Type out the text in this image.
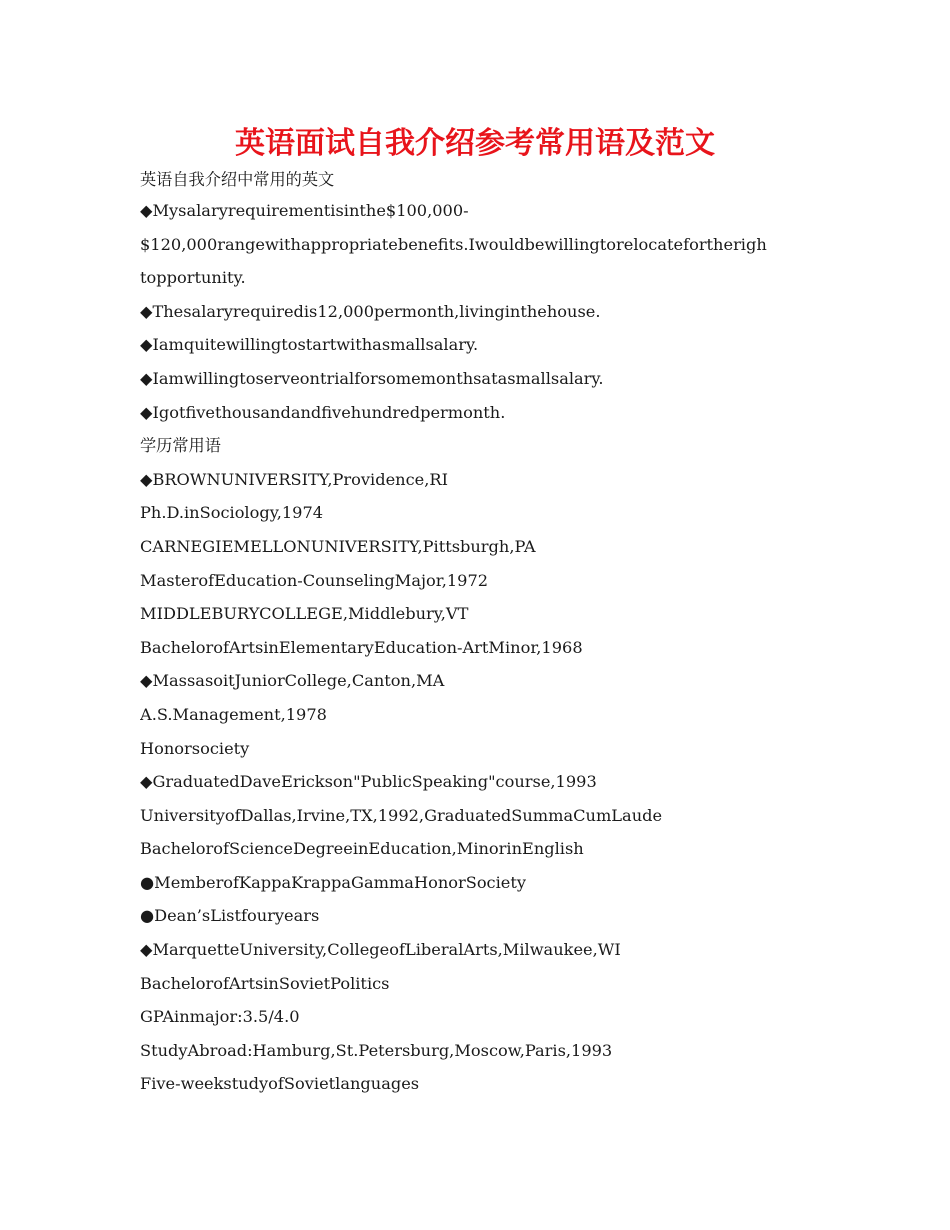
英语面试自我介绍参考常用语及范文
英语自我介绍中常用的英文
◆Mysalaryrequirementisinthe$100,000-
$120,000rangewithappropriatebenefits.Iwouldbewillingtorelocatefortherigh
topportunity.
◆Thesalaryrequiredis12,000permonth,livinginthehouse.
◆Iamquitewillingtostartwithasmallsalary.
◆Iamwillingtoserveontrialforsomemonthsatasmallsalary.
◆Igotfivethousandandfivehundredpermonth.
学历常用语
◆BROWNUNIVERSITY,Providence,RI
Ph.D.inSociology,1974
CARNEGIEMELLONUNIVERSITY,Pittsburgh,PA
MasterofEducation-CounselingMajor,1972
MIDDLEBURYCOLLEGE,Middlebury,VT
BachelorofArtsinElementaryEducation-ArtMinor,1968
◆MassasoitJuniorCollege,Canton,MA
A.S.Management,1978
Honorsociety
◆GraduatedDaveErickson"PublicSpeaking"course,1993
UniversityofDallas,Irvine,TX,1992,GraduatedSummaCumLaude
BachelorofScienceDegreeinEducation,MinorinEnglish
●MemberofKappaKrappaGammaHonorSociety
●Dean’sListfouryears
◆MarquetteUniversity,CollegeofLiberalArts,Milwaukee,WI
BachelorofArtsinSovietPolitics
GPAinmajor:3.5/4.0
StudyAbroad:Hamburg,St.Petersburg,Moscow,Paris,1993
Five-weekstudyofSovietlanguages
